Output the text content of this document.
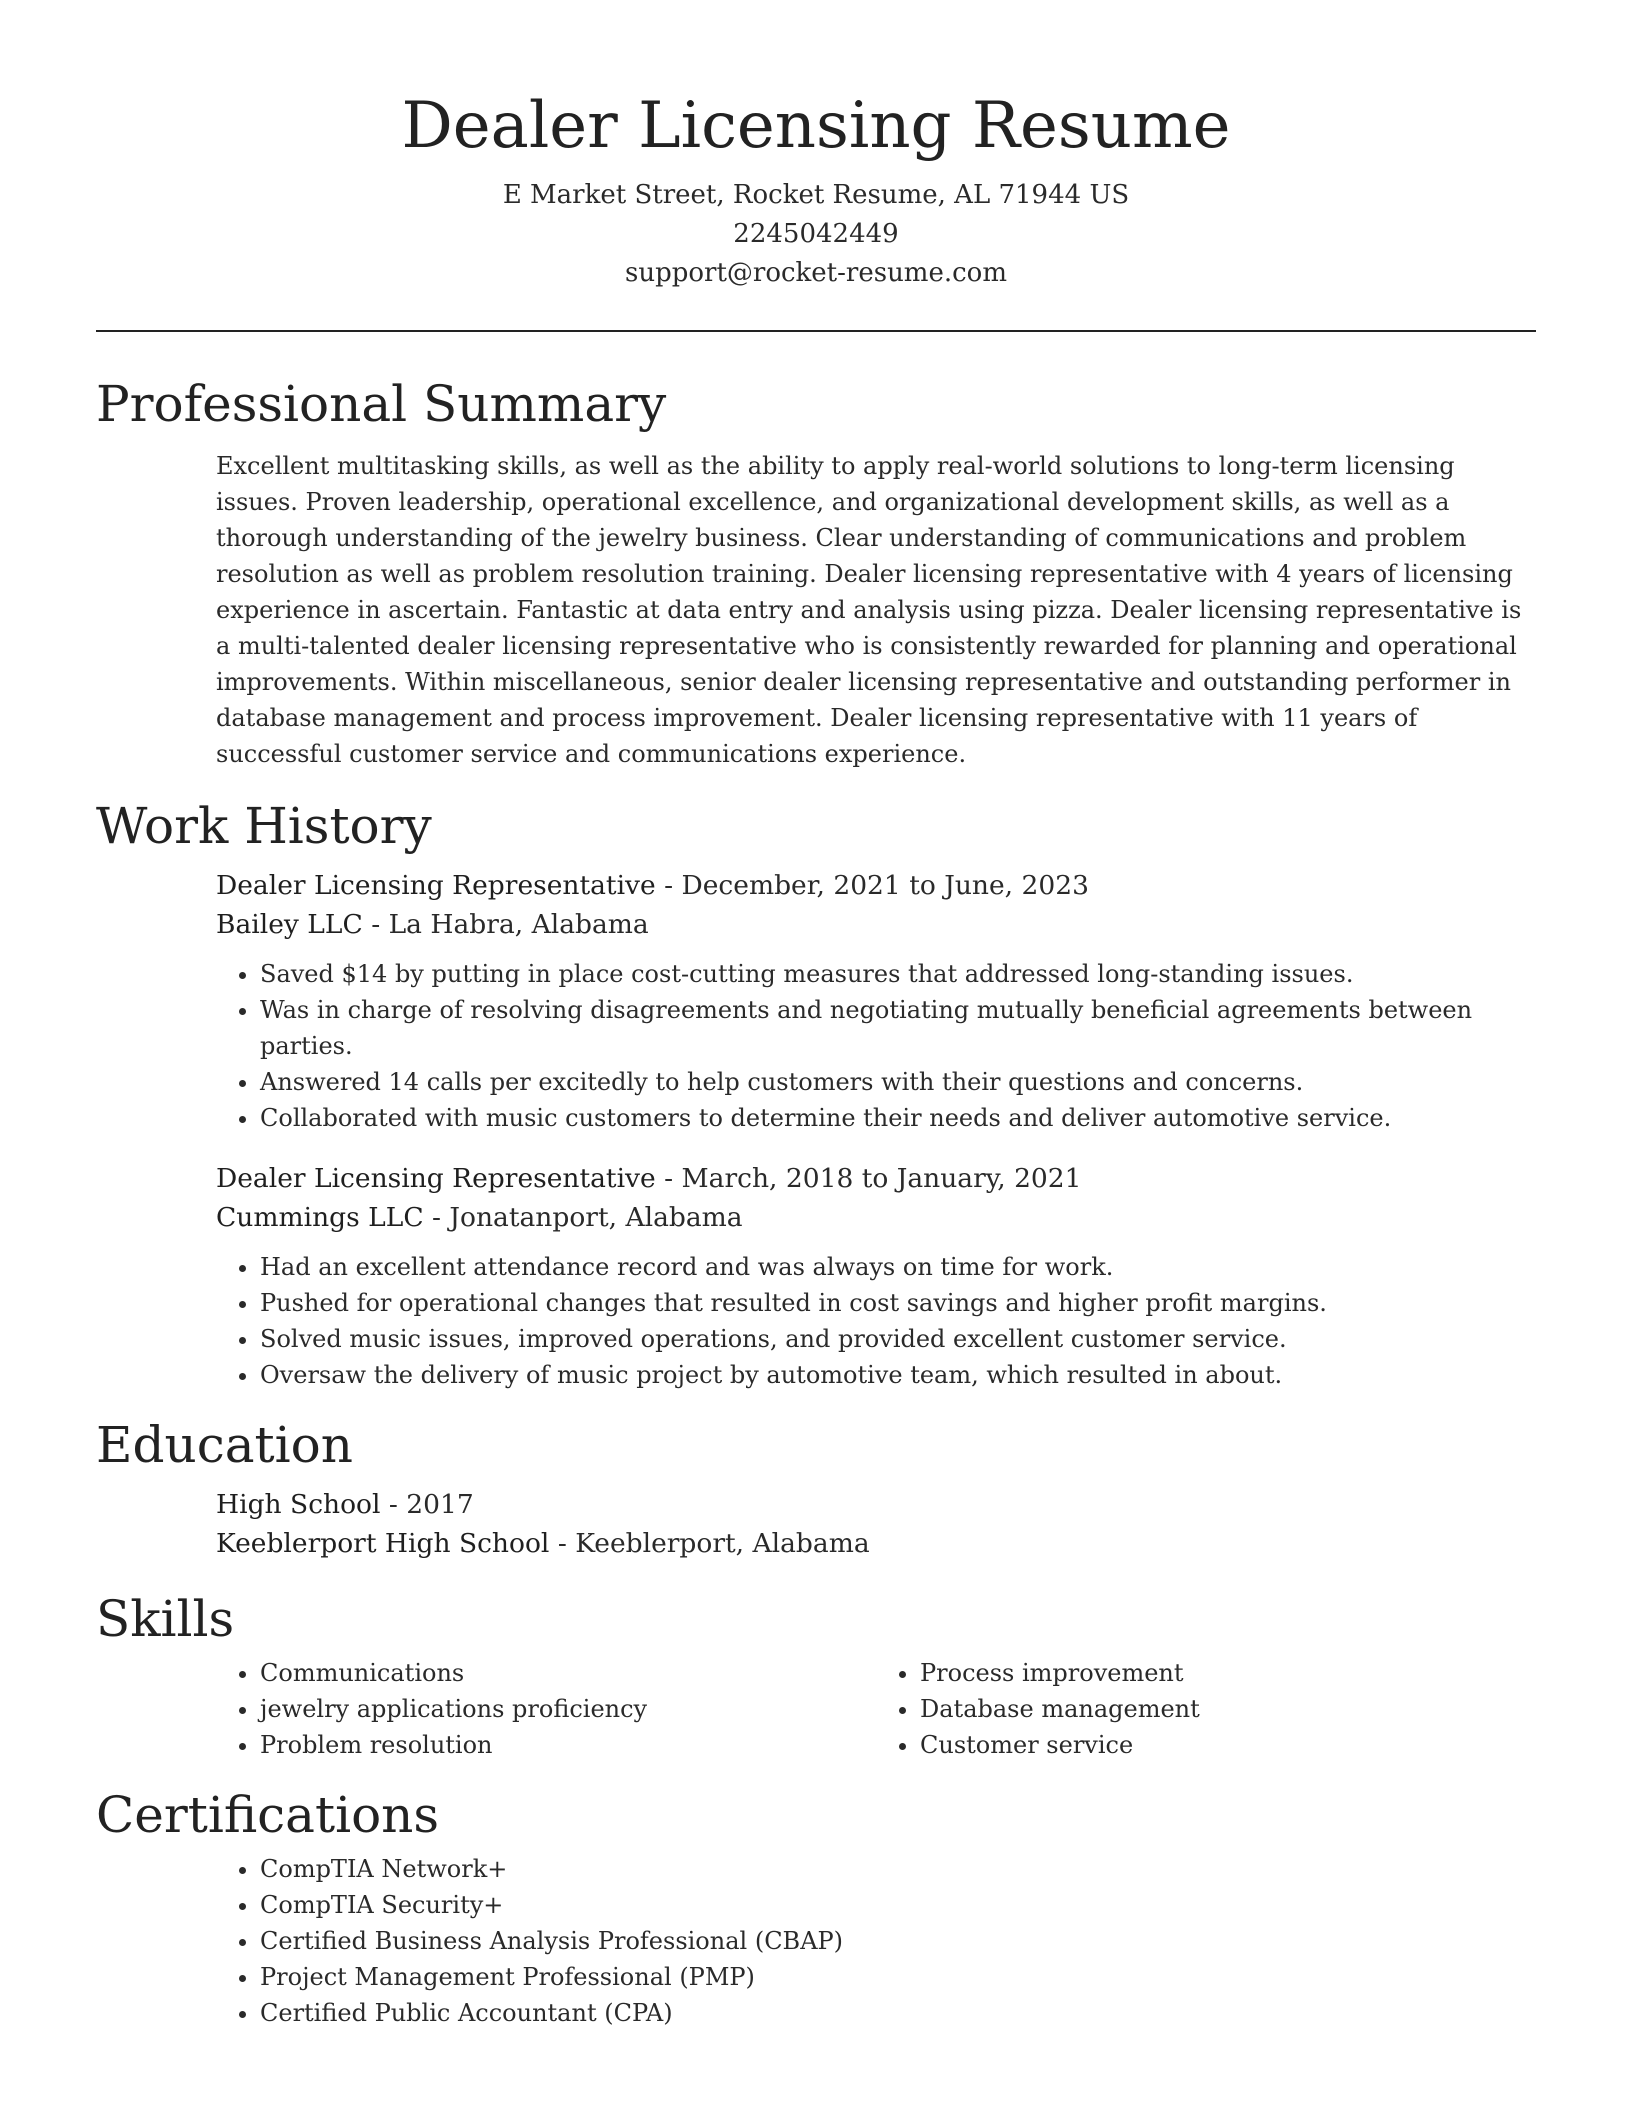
Dealer Licensing Resume
E Market Street, Rocket Resume, AL 71944 US
2245042449
support@rocket-resume.com
Professional Summary

Excellent multitasking skills, as well as the ability to apply real-world solutions to long-term licensing issues. Proven leadership, operational excellence, and organizational development skills, as well as a thorough understanding of the jewelry business. Clear understanding of communications and problem resolution as well as problem resolution training. Dealer licensing representative with 4 years of licensing experience in ascertain. Fantastic at data entry and analysis using pizza. Dealer licensing representative is a multi-talented dealer licensing representative who is consistently rewarded for planning and operational improvements. Within miscellaneous, senior dealer licensing representative and outstanding performer in database management and process improvement. Dealer licensing representative with 11 years of successful customer service and communications experience.

Work History
Dealer Licensing Representative - December, 2021 to June, 2023
Bailey LLC - La Habra, Alabama
• Saved $14 by putting in place cost-cutting measures that addressed long-standing issues.
• Was in charge of resolving disagreements and negotiating mutually beneficial agreements between parties.
• Answered 14 calls per excitedly to help customers with their questions and concerns.
• Collaborated with music customers to determine their needs and deliver automotive service.
Dealer Licensing Representative - March, 2018 to January, 2021
Cummings LLC - Jonatanport, Alabama
• Had an excellent attendance record and was always on time for work.
• Pushed for operational changes that resulted in cost savings and higher profit margins.
• Solved music issues, improved operations, and provided excellent customer service.
• Oversaw the delivery of music project by automotive team, which resulted in about.
Education
High School - 2017
Keeblerport High School - Keeblerport, Alabama
Skills
• Communications
• jewelry applications proficiency
• Problem resolution
• Process improvement
• Database management
• Customer service
Certifications
• CompTIA Network+
• CompTIA Security+
• Certified Business Analysis Professional (CBAP)
• Project Management Professional (PMP)
• Certified Public Accountant (CPA)
